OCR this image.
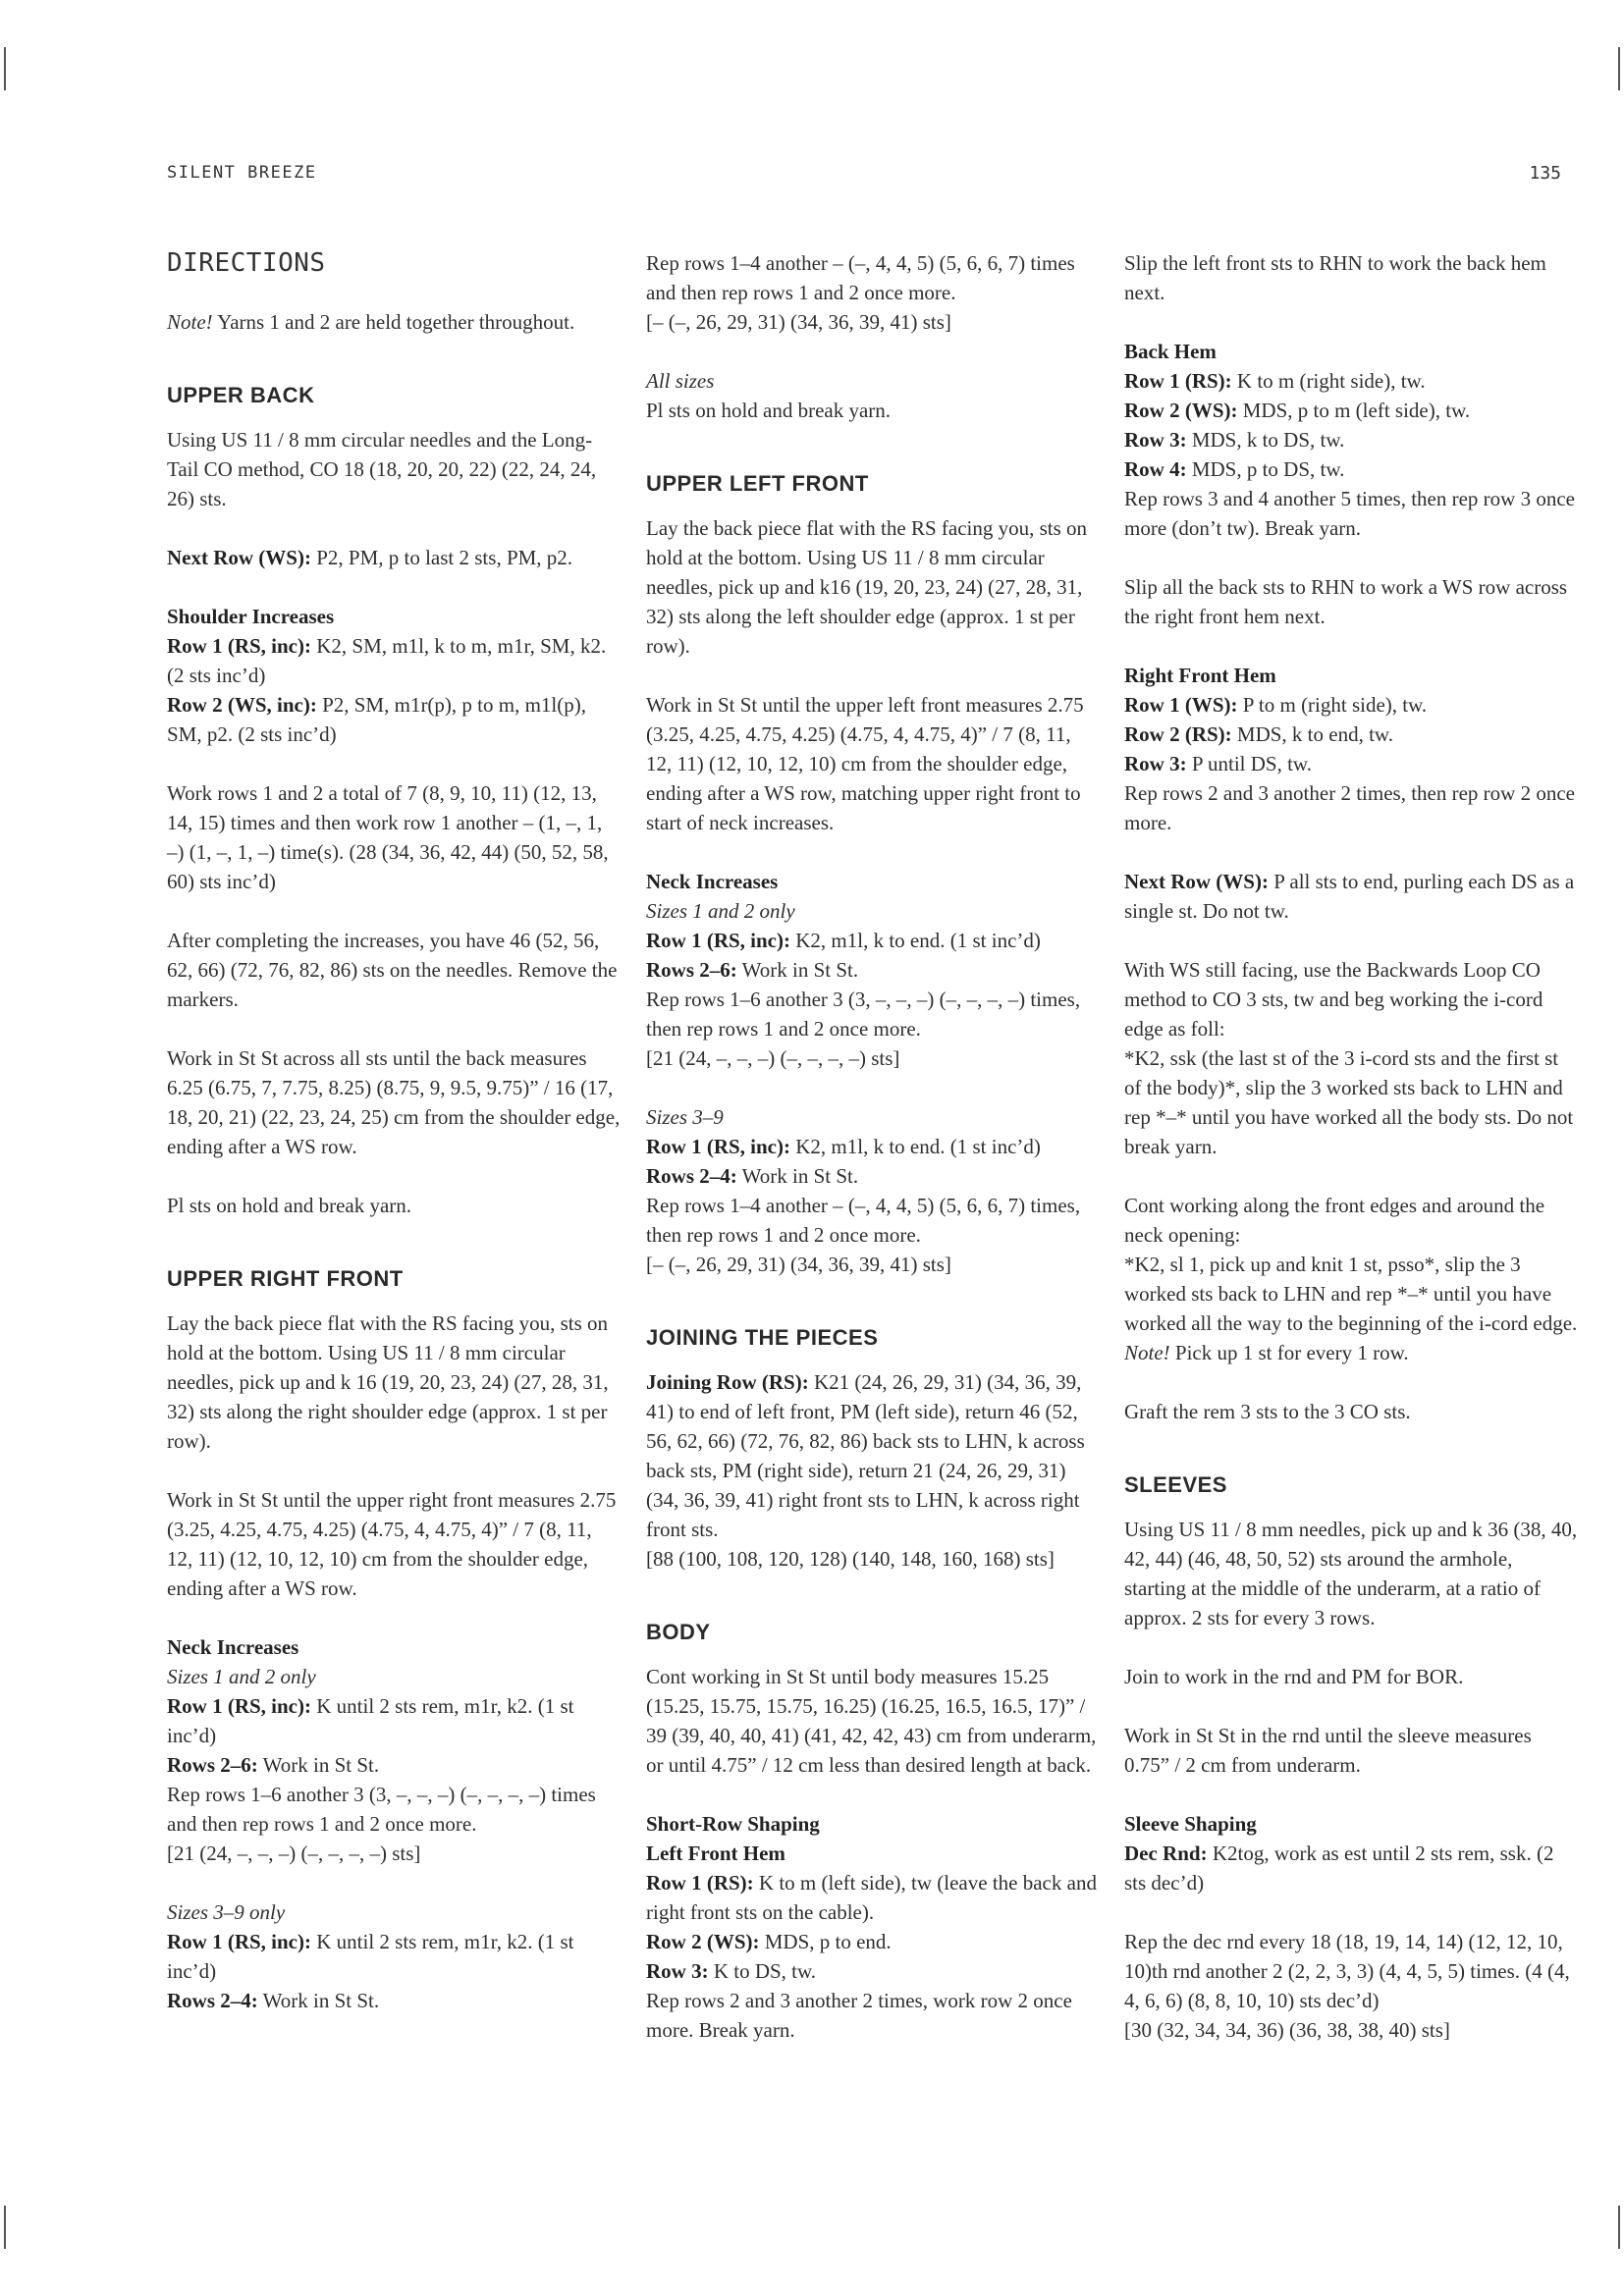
SILENT BREEZE	135
DIRECTIONS

Note! Yarns 1 and 2 are held together throughout.

UPPER BACK

Using US 11 / 8 mm circular needles and the Long-Tail CO method, CO 18 (18, 20, 20, 22) (22, 24, 24, 26) sts.

Next Row (WS): P2, PM, p to last 2 sts, PM, p2.

Shoulder Increases
Row 1 (RS, inc): K2, SM, m1l, k to m, m1r, SM, k2. (2 sts inc’d)
Row 2 (WS, inc): P2, SM, m1r(p), p to m, m1l(p), SM, p2. (2 sts inc’d)

Work rows 1 and 2 a total of 7 (8, 9, 10, 11) (12, 13, 14, 15) times and then work row 1 another – (1, –, 1, –) (1, –, 1, –) time(s). (28 (34, 36, 42, 44) (50, 52, 58, 60) sts inc’d)

After completing the increases, you have 46 (52, 56, 62, 66) (72, 76, 82, 86) sts on the needles. Remove the markers.

Work in St St across all sts until the back measures 6.25 (6.75, 7, 7.75, 8.25) (8.75, 9, 9.5, 9.75)” / 16 (17, 18, 20, 21) (22, 23, 24, 25) cm from the shoulder edge, ending after a WS row.

Pl sts on hold and break yarn.

UPPER RIGHT FRONT

Lay the back piece flat with the RS facing you, sts on hold at the bottom. Using US 11 / 8 mm circular needles, pick up and k 16 (19, 20, 23, 24) (27, 28, 31, 32) sts along the right shoulder edge (approx. 1 st per row).

Work in St St until the upper right front measures 2.75 (3.25, 4.25, 4.75, 4.25) (4.75, 4, 4.75, 4)” / 7 (8, 11, 12, 11) (12, 10, 12, 10) cm from the shoulder edge, ending after a WS row.

Neck Increases
Sizes 1 and 2 only
Row 1 (RS, inc): K until 2 sts rem, m1r, k2. (1 st inc’d)
Rows 2–6: Work in St St.
Rep rows 1–6 another 3 (3, –, –, –) (–, –, –, –) times and then rep rows 1 and 2 once more.
[21 (24, –, –, –) (–, –, –, –) sts]

Sizes 3–9 only
Row 1 (RS, inc): K until 2 sts rem, m1r, k2. (1 st inc’d)
Rows 2–4: Work in St St.

Rep rows 1–4 another – (–, 4, 4, 5) (5, 6, 6, 7) times and then rep rows 1 and 2 once more.
[– (–, 26, 29, 31) (34, 36, 39, 41) sts]

All sizes
Pl sts on hold and break yarn.

UPPER LEFT FRONT

Lay the back piece flat with the RS facing you, sts on hold at the bottom. Using US 11 / 8 mm circular needles, pick up and k16 (19, 20, 23, 24) (27, 28, 31, 32) sts along the left shoulder edge (approx. 1 st per row).

Work in St St until the upper left front measures 2.75 (3.25, 4.25, 4.75, 4.25) (4.75, 4, 4.75, 4)” / 7 (8, 11, 12, 11) (12, 10, 12, 10) cm from the shoulder edge, ending after a WS row, matching upper right front to start of neck increases.

Neck Increases
Sizes 1 and 2 only
Row 1 (RS, inc): K2, m1l, k to end. (1 st inc’d)
Rows 2–6: Work in St St.
Rep rows 1–6 another 3 (3, –, –, –) (–, –, –, –) times, then rep rows 1 and 2 once more.
[21 (24, –, –, –) (–, –, –, –) sts]

Sizes 3–9
Row 1 (RS, inc): K2, m1l, k to end. (1 st inc’d)
Rows 2–4: Work in St St.
Rep rows 1–4 another – (–, 4, 4, 5) (5, 6, 6, 7) times, then rep rows 1 and 2 once more.
[– (–, 26, 29, 31) (34, 36, 39, 41) sts]

JOINING THE PIECES

Joining Row (RS): K21 (24, 26, 29, 31) (34, 36, 39, 41) to end of left front, PM (left side), return 46 (52, 56, 62, 66) (72, 76, 82, 86) back sts to LHN, k across back sts, PM (right side), return 21 (24, 26, 29, 31) (34, 36, 39, 41) right front sts to LHN, k across right front sts.
[88 (100, 108, 120, 128) (140, 148, 160, 168) sts]

BODY

Cont working in St St until body measures 15.25 (15.25, 15.75, 15.75, 16.25) (16.25, 16.5, 16.5, 17)” / 39 (39, 40, 40, 41) (41, 42, 42, 43) cm from underarm, or until 4.75” / 12 cm less than desired length at back.

Short-Row Shaping
Left Front Hem
Row 1 (RS): K to m (left side), tw (leave the back and right front sts on the cable).
Row 2 (WS): MDS, p to end.
Row 3: K to DS, tw.
Rep rows 2 and 3 another 2 times, work row 2 once more. Break yarn.

Slip the left front sts to RHN to work the back hem next.

Back Hem
Row 1 (RS): K to m (right side), tw.
Row 2 (WS): MDS, p to m (left side), tw.
Row 3: MDS, k to DS, tw.
Row 4: MDS, p to DS, tw.
Rep rows 3 and 4 another 5 times, then rep row 3 once more (don’t tw). Break yarn.

Slip all the back sts to RHN to work a WS row across the right front hem next.

Right Front Hem
Row 1 (WS): P to m (right side), tw.
Row 2 (RS): MDS, k to end, tw.
Row 3: P until DS, tw.
Rep rows 2 and 3 another 2 times, then rep row 2 once more.

Next Row (WS): P all sts to end, purling each DS as a single st. Do not tw.

With WS still facing, use the Backwards Loop CO method to CO 3 sts, tw and beg working the i-cord edge as foll:
*K2, ssk (the last st of the 3 i-cord sts and the first st of the body)*, slip the 3 worked sts back to LHN and rep *–* until you have worked all the body sts. Do not break yarn.

Cont working along the front edges and around the neck opening:
*K2, sl 1, pick up and knit 1 st, psso*, slip the 3 worked sts back to LHN and rep *–* until you have worked all the way to the beginning of the i-cord edge.
Note! Pick up 1 st for every 1 row.

Graft the rem 3 sts to the 3 CO sts.

SLEEVES

Using US 11 / 8 mm needles, pick up and k 36 (38, 40, 42, 44) (46, 48, 50, 52) sts around the armhole, starting at the middle of the underarm, at a ratio of approx. 2 sts for every 3 rows.

Join to work in the rnd and PM for BOR.

Work in St St in the rnd until the sleeve measures 0.75” / 2 cm from underarm.

Sleeve Shaping
Dec Rnd: K2tog, work as est until 2 sts rem, ssk. (2 sts dec’d)

Rep the dec rnd every 18 (18, 19, 14, 14) (12, 12, 10, 10)th rnd another 2 (2, 2, 3, 3) (4, 4, 5, 5) times. (4 (4, 4, 6, 6) (8, 8, 10, 10) sts dec’d)
[30 (32, 34, 34, 36) (36, 38, 38, 40) sts]
